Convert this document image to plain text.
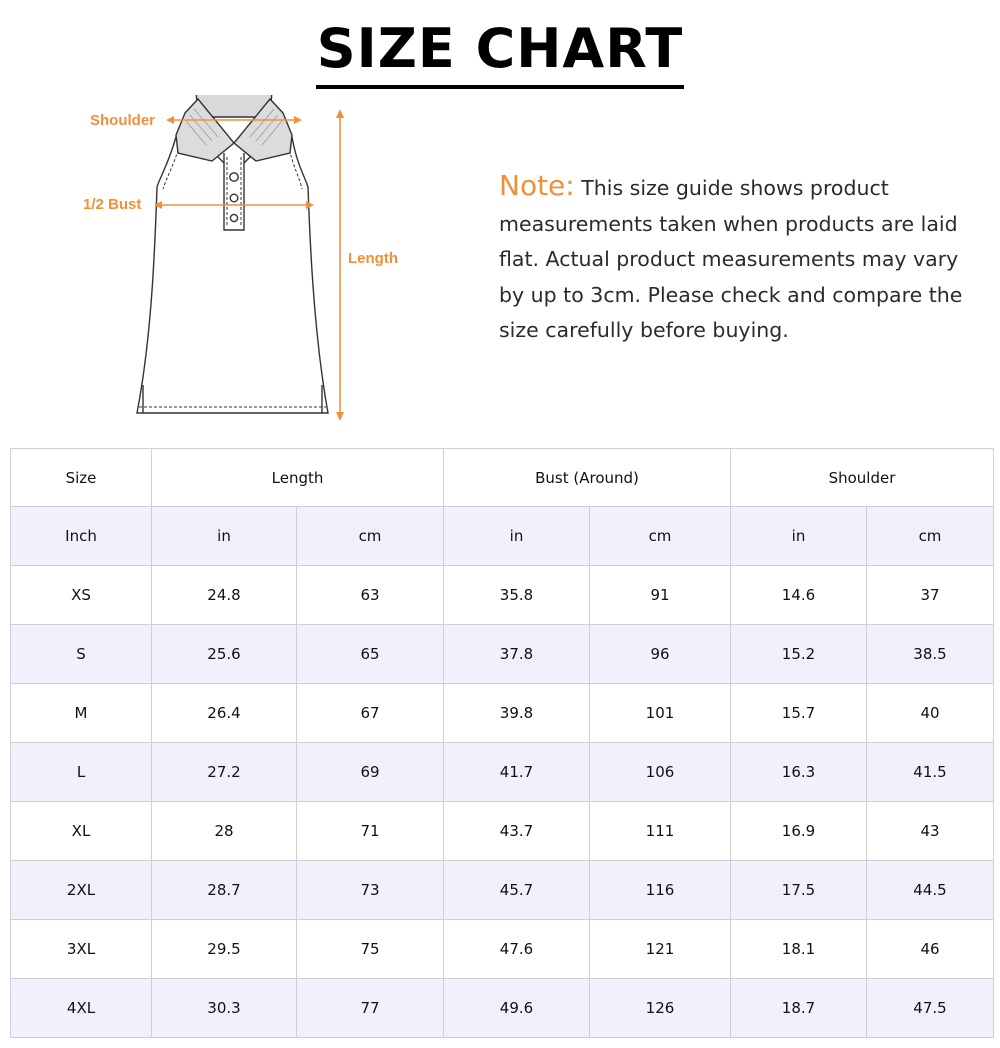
SIZE CHART
Shoulder
1/2 Bust
Length
Note: This size guide shows product measurements taken when products are laid flat. Actual product measurements may vary by up to 3cm. Please check and compare the size carefully before buying.
Size	Length		Bust (Around)		Shoulder	
Inch	in	cm	in	cm	in	cm
XS	24.8	63	35.8	91	14.6	37
S	25.6	65	37.8	96	15.2	38.5
M	26.4	67	39.8	101	15.7	40
L	27.2	69	41.7	106	16.3	41.5
XL	28	71	43.7	111	16.9	43
2XL	28.7	73	45.7	116	17.5	44.5
3XL	29.5	75	47.6	121	18.1	46
4XL	30.3	77	49.6	126	18.7	47.5
